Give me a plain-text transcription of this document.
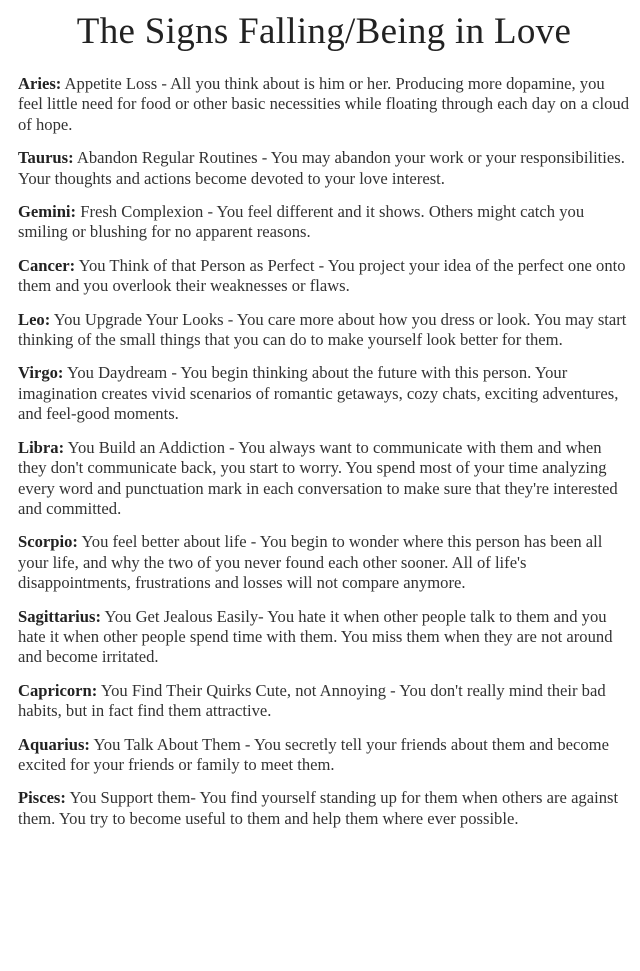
The Signs Falling/Being in Love

Aries: Appetite Loss - All you think about is him or her. Producing more dopamine, you feel little need for food or other basic necessities while floating through each day on a cloud of hope.

Taurus: Abandon Regular Routines - You may abandon your work or your responsibilities. Your thoughts and actions become devoted to your love interest.

Gemini: Fresh Complexion - You feel different and it shows. Others might catch you smiling or blushing for no apparent reasons.

Cancer: You Think of that Person as Perfect - You project your idea of the perfect one onto them and you overlook their weaknesses or flaws.

Leo: You Upgrade Your Looks - You care more about how you dress or look. You may start thinking of the small things that you can do to make yourself look better for them.

Virgo: You Daydream - You begin thinking about the future with this person. Your imagination creates vivid scenarios of romantic getaways, cozy chats, exciting adventures, and feel-good moments.

Libra: You Build an Addiction - You always want to communicate with them and when they don't communicate back, you start to worry. You spend most of your time analyzing every word and punctuation mark in each conversation to make sure that they're interested and committed.

Scorpio: You feel better about life - You begin to wonder where this person has been all your life, and why the two of you never found each other sooner. All of life's disappointments, frustrations and losses will not compare anymore.

Sagittarius: You Get Jealous Easily- You hate it when other people talk to them and you hate it when other people spend time with them. You miss them when they are not around and become irritated.

Capricorn: You Find Their Quirks Cute, not Annoying - You don't really mind their bad habits, but in fact find them attractive.

Aquarius: You Talk About Them - You secretly tell your friends about them and become excited for your friends or family to meet them.

Pisces: You Support them- You find yourself standing up for them when others are against them. You try to become useful to them and help them where ever possible.
